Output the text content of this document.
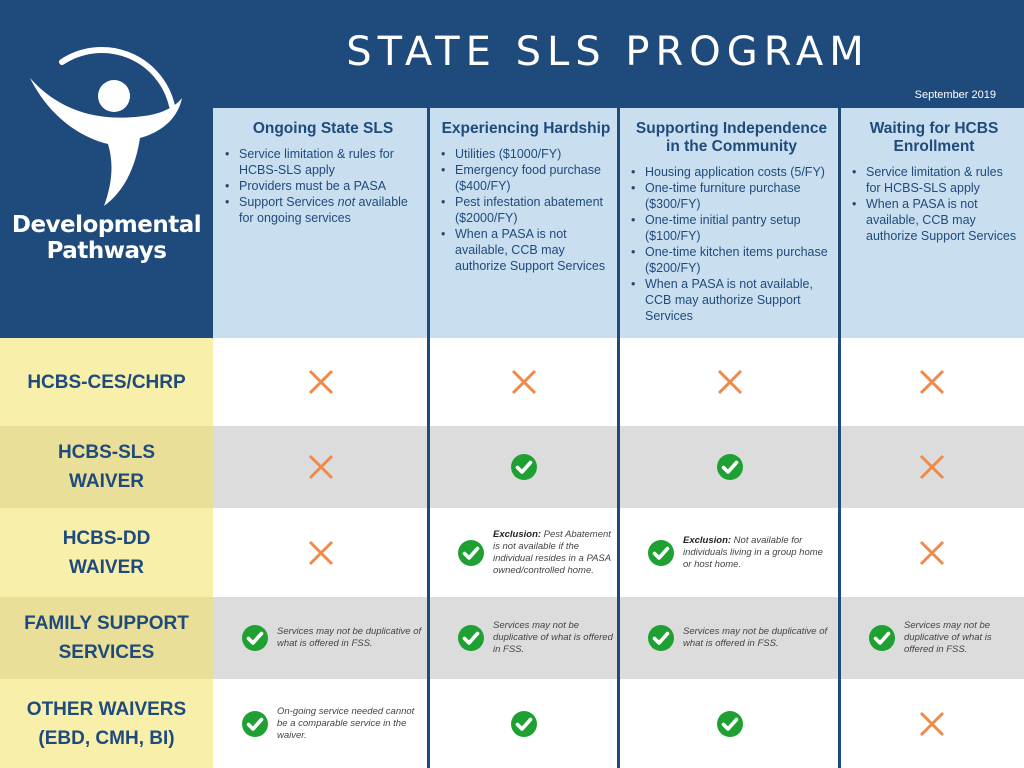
Developmental
Pathways
STATE SLS PROGRAM
September 2019
Ongoing State SLS
• Service limitation & rules for HCBS-SLS apply
• Providers must be a PASA
• Support Services not available for ongoing services
Experiencing Hardship
• Utilities ($1000/FY)
• Emergency food purchase ($400/FY)
• Pest infestation abatement ($2000/FY)
• When a PASA is not available, CCB may authorize Support Services
Supporting Independence in the Community
• Housing application costs (5/FY)
• One-time furniture purchase ($300/FY)
• One-time initial pantry setup ($100/FY)
• One-time kitchen items purchase ($200/FY)
• When a PASA is not available, CCB may authorize Support Services
Waiting for HCBS Enrollment
• Service limitation & rules for HCBS-SLS apply
• When a PASA is not available, CCB may authorize Support Services
HCBS-CES/CHRP
HCBS-SLS
WAIVER
HCBS-DD
WAIVER
Exclusion: Pest Abatement is not available if the individual resides in a PASA owned/controlled home.
Exclusion: Not available for individuals living in a group home or host home.
FAMILY SUPPORT
SERVICES
Services may not be duplicative of what is offered in FSS.
Services may not be duplicative of what is offered in FSS.
Services may not be duplicative of what is offered in FSS.
Services may not be duplicative of what is offered in FSS.
OTHER WAIVERS
(EBD, CMH, BI)
On-going service needed cannot be a comparable service in the waiver.
